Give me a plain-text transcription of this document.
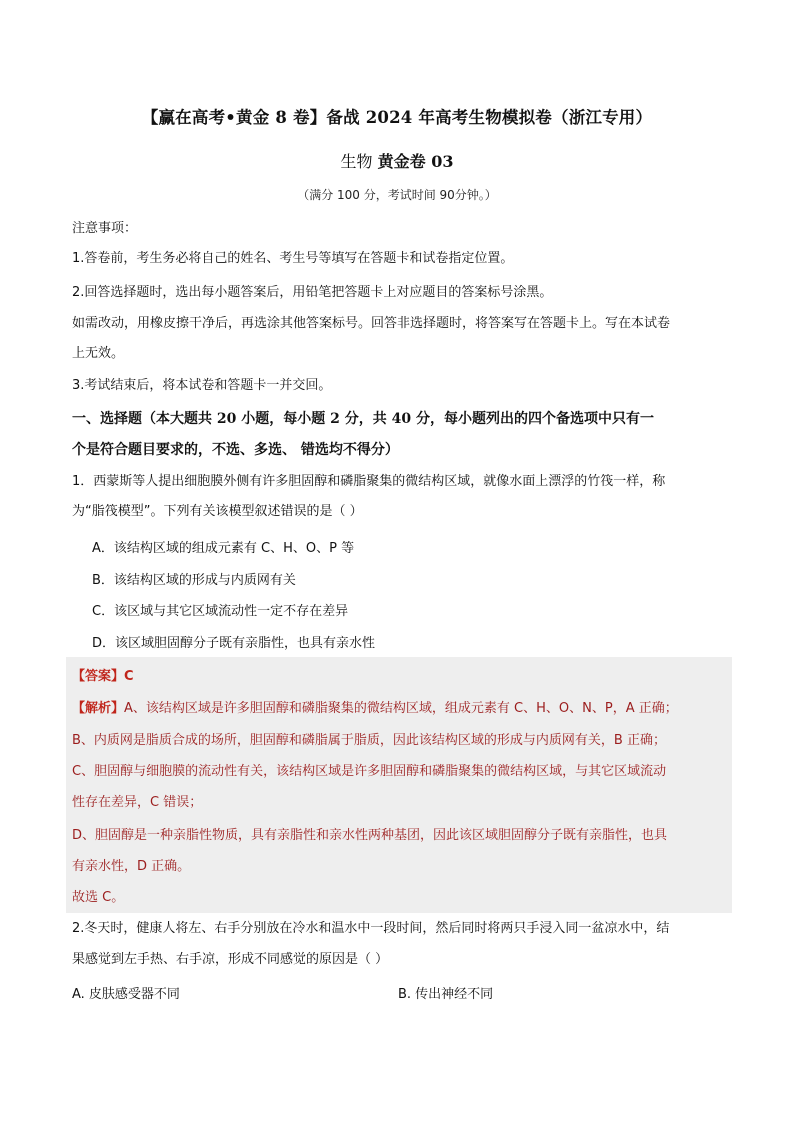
【赢在高考•黄金 8 卷】备战 2024 年高考生物模拟卷（浙江专用）
生物 黄金卷 03
（满分 100 分，考试时间 90分钟。）
注意事项：
1.答卷前，考生务必将自己的姓名、考生号等填写在答题卡和试卷指定位置。
2.回答选择题时，选出每小题答案后，用铅笔把答题卡上对应题目的答案标号涂黑。
如需改动，用橡皮擦干净后，再选涂其他答案标号。回答非选择题时，将答案写在答题卡上。写在本试卷
上无效。
3.考试结束后，将本试卷和答题卡一并交回。
一、选择题（本大题共 20 小题，每小题 2 分，共 40 分，每小题列出的四个备选项中只有一
个是符合题目要求的，不选、多选、 错选均不得分）
1．西蒙斯等人提出细胞膜外侧有许多胆固醇和磷脂聚集的微结构区域，就像水面上漂浮的竹筏一样，称
为“脂筏模型”。下列有关该模型叙述错误的是（ ）
A．该结构区域的组成元素有 C、H、O、P 等
B．该结构区域的形成与内质网有关
C．该区域与其它区域流动性一定不存在差异
D．该区域胆固醇分子既有亲脂性，也具有亲水性
【答案】C
【解析】A、该结构区域是许多胆固醇和磷脂聚集的微结构区域，组成元素有 C、H、O、N、P，A 正确；
B、内质网是脂质合成的场所，胆固醇和磷脂属于脂质，因此该结构区域的形成与内质网有关，B 正确；
C、胆固醇与细胞膜的流动性有关，该结构区域是许多胆固醇和磷脂聚集的微结构区域，与其它区域流动
性存在差异，C 错误；
D、胆固醇是一种亲脂性物质，具有亲脂性和亲水性两种基团，因此该区域胆固醇分子既有亲脂性，也具
有亲水性，D 正确。
故选 C。
2.冬天时，健康人将左、右手分别放在冷水和温水中一段时间，然后同时将两只手浸入同一盆凉水中，结
果感觉到左手热、右手凉，形成不同感觉的原因是（ ）
A. 皮肤感受器不同	B. 传出神经不同
